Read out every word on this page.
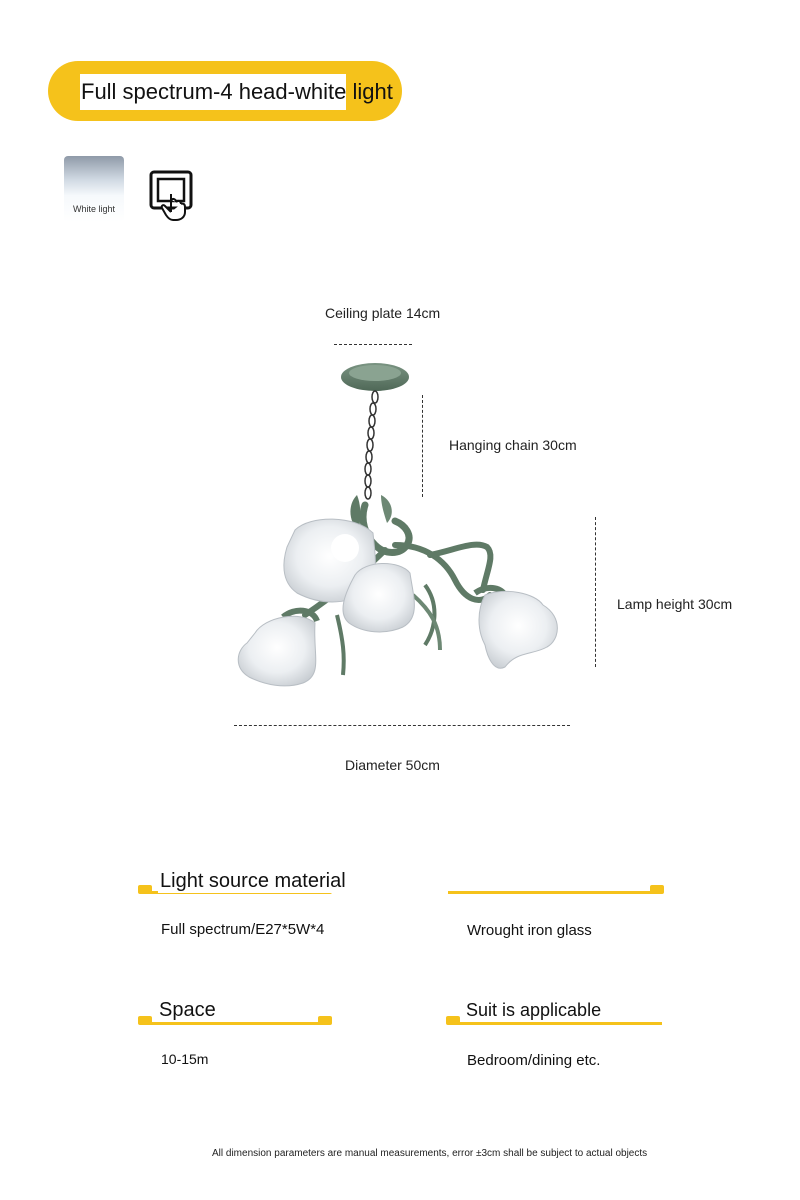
Full spectrum-4 head-white light
White light
Ceiling plate 14cm
Hanging chain 30cm
Lamp height 30cm
Diameter 50cm
Light source material
Full spectrum/E27*5W*4	Wrought iron glass
Space
10-15m
Suit is applicable
Bedroom/dining etc.
All dimension parameters are manual measurements, error ±3cm shall be subject to actual objects
